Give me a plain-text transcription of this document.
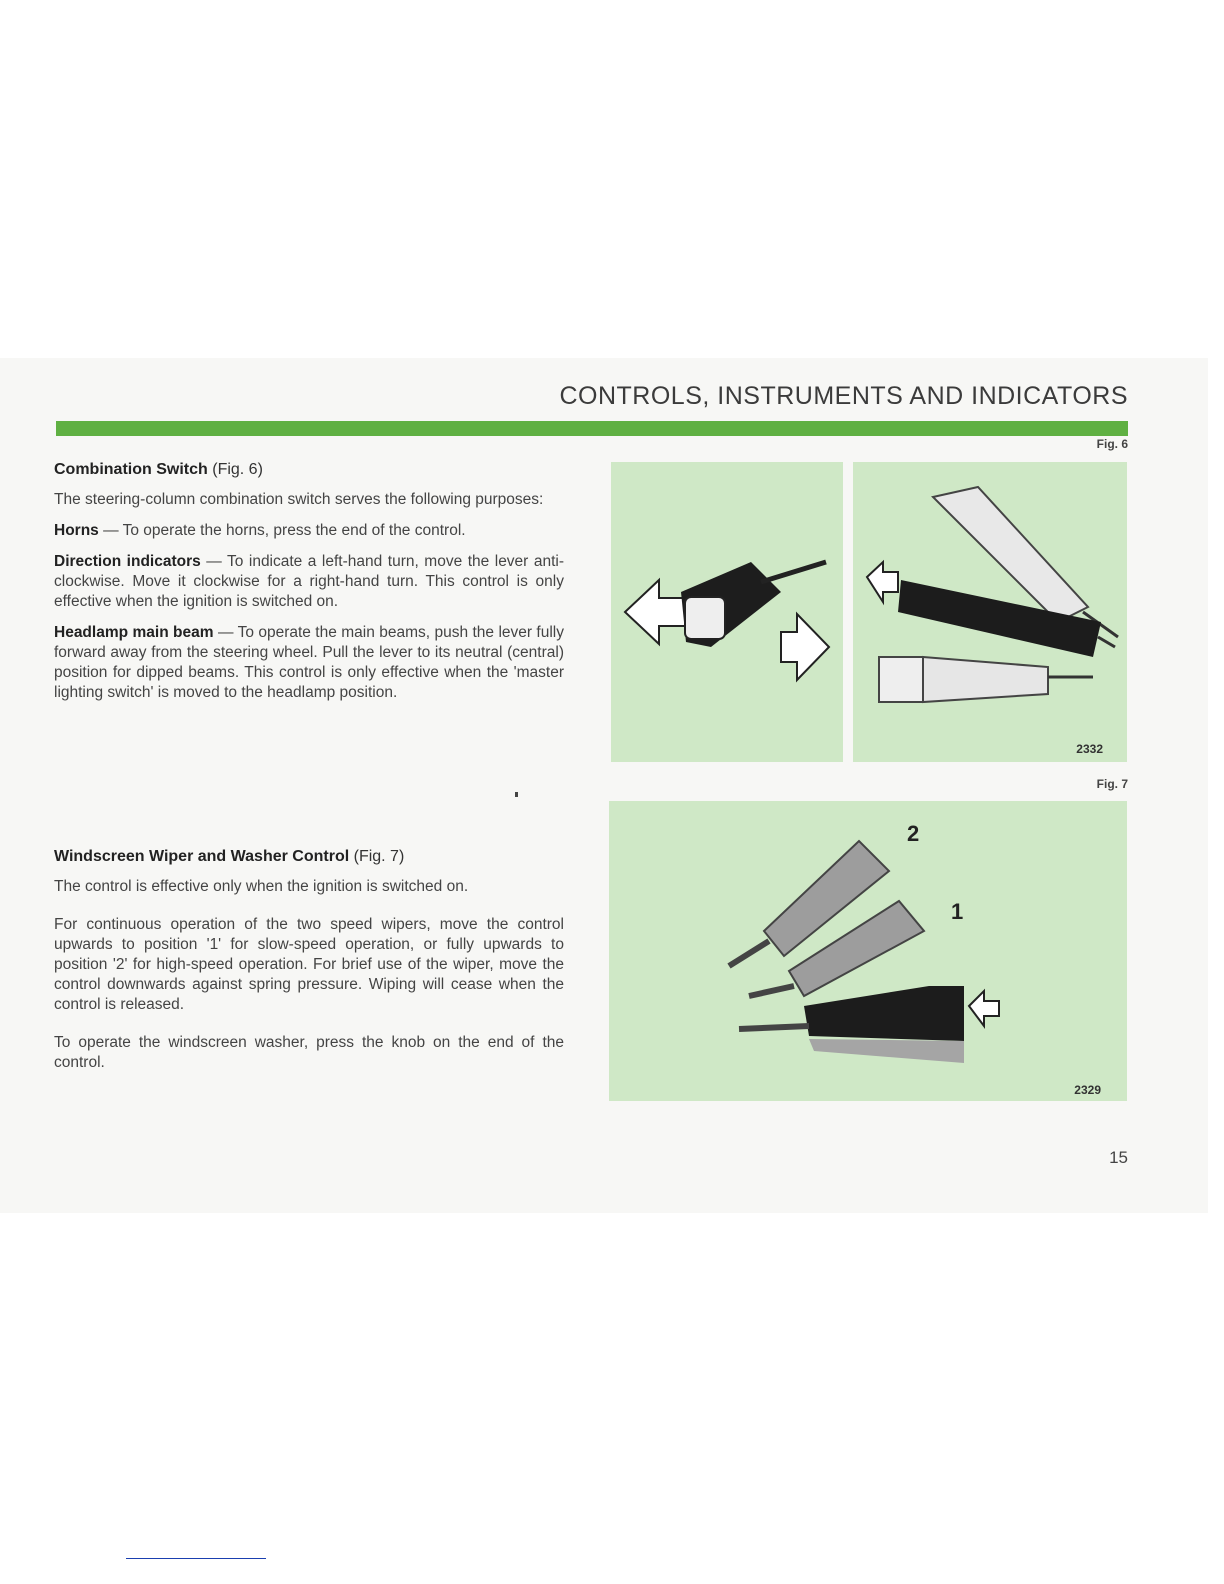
CONTROLS, INSTRUMENTS AND INDICATORS
Combination Switch (Fig. 6)

The steering-column combination switch serves the following purposes:

Horns — To operate the horns, press the end of the control.

Direction indicators — To indicate a left-hand turn, move the lever anti-clockwise. Move it clockwise for a right-hand turn. This control is only effective when the ignition is switched on.

Headlamp main beam — To operate the main beams, push the lever fully forward away from the steering wheel. Pull the lever to its neutral (central) position for dipped beams. This control is only effective when the 'master lighting switch' is moved to the headlamp position.

Windscreen Wiper and Washer Control (Fig. 7)

The control is effective only when the ignition is switched on.

For continuous operation of the two speed wipers, move the control upwards to position '1' for slow-speed operation, or fully upwards to position '2' for high-speed operation. For brief use of the wiper, move the control downwards against spring pressure. Wiping will cease when the control is released.

To operate the windscreen washer, press the knob on the end of the control.

Fig. 6
2332
Fig. 7
2
1
2329
15
